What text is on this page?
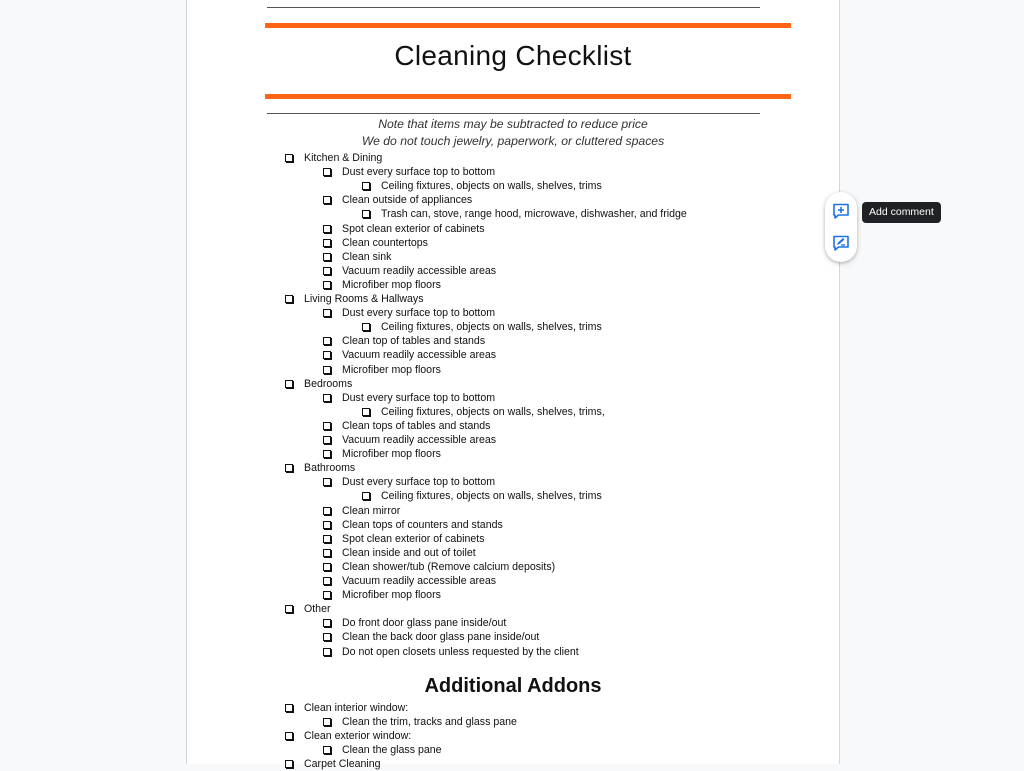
Cleaning Checklist
Note that items may be subtracted to reduce price
We do not touch jewelry, paperwork, or cluttered spaces
Kitchen & Dining
Dust every surface top to bottom
Ceiling fixtures, objects on walls, shelves, trims
Clean outside of appliances
Trash can, stove, range hood, microwave, dishwasher, and fridge
Spot clean exterior of cabinets
Clean countertops
Clean sink
Vacuum readily accessible areas
Microfiber mop floors
Living Rooms & Hallways
Dust every surface top to bottom
Ceiling fixtures, objects on walls, shelves, trims
Clean top of tables and stands
Vacuum readily accessible areas
Microfiber mop floors
Bedrooms
Dust every surface top to bottom
Ceiling fixtures, objects on walls, shelves, trims,
Clean tops of tables and stands
Vacuum readily accessible areas
Microfiber mop floors
Bathrooms
Dust every surface top to bottom
Ceiling fixtures, objects on walls, shelves, trims
Clean mirror
Clean tops of counters and stands
Spot clean exterior of cabinets
Clean inside and out of toilet
Clean shower/tub (Remove calcium deposits)
Vacuum readily accessible areas
Microfiber mop floors
Other
Do front door glass pane inside/out
Clean the back door glass pane inside/out
Do not open closets unless requested by the client
Additional Addons
Clean interior window:
Clean the trim, tracks and glass pane
Clean exterior window:
Clean the glass pane
Carpet Cleaning
Add comment
